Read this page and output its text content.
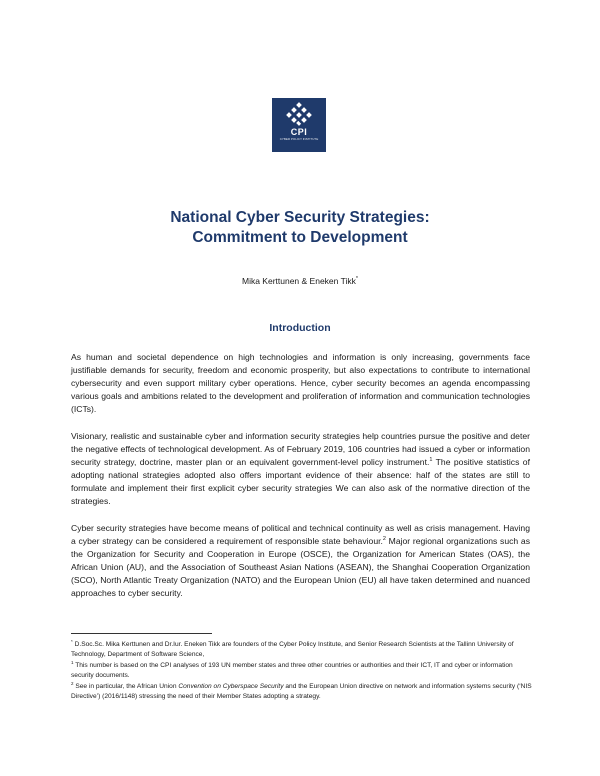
CPI
CYBER POLICY INSTITUTE
National Cyber Security Strategies:
Commitment to Development
Mika Kerttunen & Eneken Tikk*
Introduction

As human and societal dependence on high technologies and information is only increasing, governments face justifiable demands for security, freedom and economic prosperity, but also expectations to contribute to international cybersecurity and even support military cyber operations. Hence, cyber security becomes an agenda encompassing various goals and ambitions related to the development and proliferation of information and communication technologies (ICTs).

Visionary, realistic and sustainable cyber and information security strategies help countries pursue the positive and deter the negative effects of technological development. As of February 2019, 106 countries had issued a cyber or information security strategy, doctrine, master plan or an equivalent government-level policy instrument.$^1$ The positive statistics of adopting national strategies adopted also offers important evidence of their absence: half of the states are still to formulate and implement their first explicit cyber security strategies We can also ask of the normative direction of the strategies.

Cyber security strategies have become means of political and technical continuity as well as crisis management. Having a cyber strategy can be considered a requirement of responsible state behaviour.$^2$ Major regional organizations such as the Organization for Security and Cooperation in Europe (OSCE), the Organization for American States (OAS), the African Union (AU), and the Association of Southeast Asian Nations (ASEAN), the Shanghai Cooperation Organization (SCO), North Atlantic Treaty Organization (NATO) and the European Union (EU) all have taken determined and nuanced approaches to cyber security.

* D.Soc.Sc. Mika Kerttunen and Dr.Iur. Eneken Tikk are founders of the Cyber Policy Institute, and Senior Research Scientists at the Tallinn University of Technology, Department of Software Science,

$^1$ This number is based on the CPI analyses of 193 UN member states and three other countries or authorities and their ICT, IT and cyber or information security documents.

$^2$ See in particular, the African Union Convention on Cyberspace Security and the European Union directive on network and information systems security (‘NIS Directive’) (2016/1148) stressing the need of their Member States adopting a strategy.
